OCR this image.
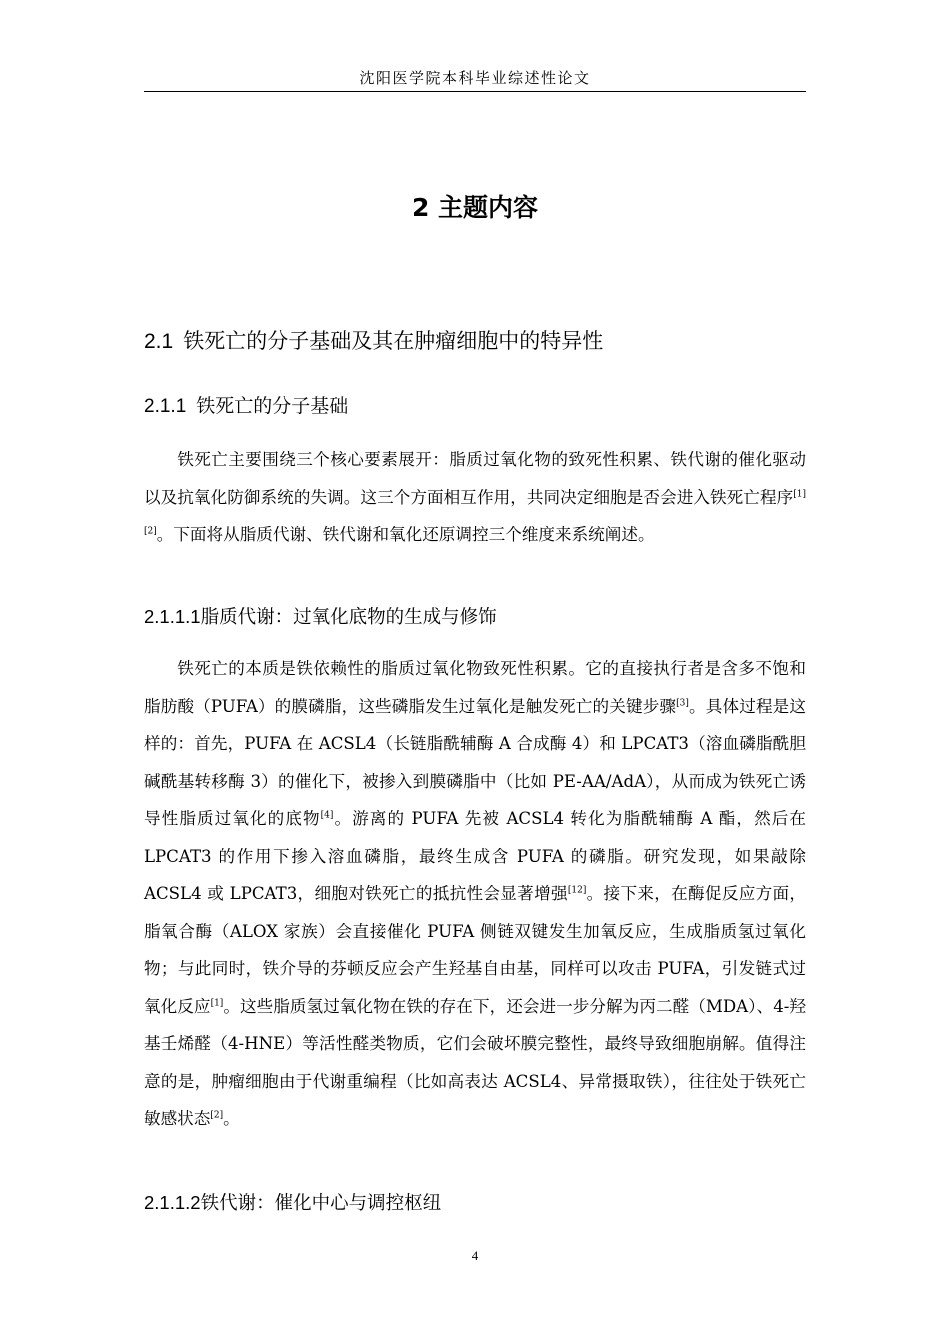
沈阳医学院本科毕业综述性论文
2 主题内容
2.1 铁死亡的分子基础及其在肿瘤细胞中的特异性
2.1.1 铁死亡的分子基础
铁死亡主要围绕三个核心要素展开：脂质过氧化物的致死性积累、铁代谢的催化驱动以及抗氧化防御系统的失调。这三个方面相互作用，共同决定细胞是否会进入铁死亡程序[1][2]。下面将从脂质代谢、铁代谢和氧化还原调控三个维度来系统阐述。
2.1.1.1脂质代谢：过氧化底物的生成与修饰
铁死亡的本质是铁依赖性的脂质过氧化物致死性积累。它的直接执行者是含多不饱和脂肪酸（PUFA）的膜磷脂，这些磷脂发生过氧化是触发死亡的关键步骤[3]。具体过程是这样的：首先，PUFA 在 ACSL4（长链脂酰辅酶 A 合成酶 4）和 LPCAT3（溶血磷脂酰胆碱酰基转移酶 3）的催化下，被掺入到膜磷脂中（比如 PE-AA/AdA），从而成为铁死亡诱导性脂质过氧化的底物[4]。游离的 PUFA 先被 ACSL4 转化为脂酰辅酶 A 酯，然后在 LPCAT3 的作用下掺入溶血磷脂，最终生成含 PUFA 的磷脂。研究发现，如果敲除 ACSL4 或 LPCAT3，细胞对铁死亡的抵抗性会显著增强[12]。接下来，在酶促反应方面，脂氧合酶（ALOX 家族）会直接催化 PUFA 侧链双键发生加氧反应，生成脂质氢过氧化物；与此同时，铁介导的芬顿反应会产生羟基自由基，同样可以攻击 PUFA，引发链式过氧化反应[1]。这些脂质氢过氧化物在铁的存在下，还会进一步分解为丙二醛（MDA）、4-羟基壬烯醛（4-HNE）等活性醛类物质，它们会破坏膜完整性，最终导致细胞崩解。值得注意的是，肿瘤细胞由于代谢重编程（比如高表达 ACSL4、异常摄取铁），往往处于铁死亡敏感状态[2]。
2.1.1.2铁代谢：催化中心与调控枢纽
4
